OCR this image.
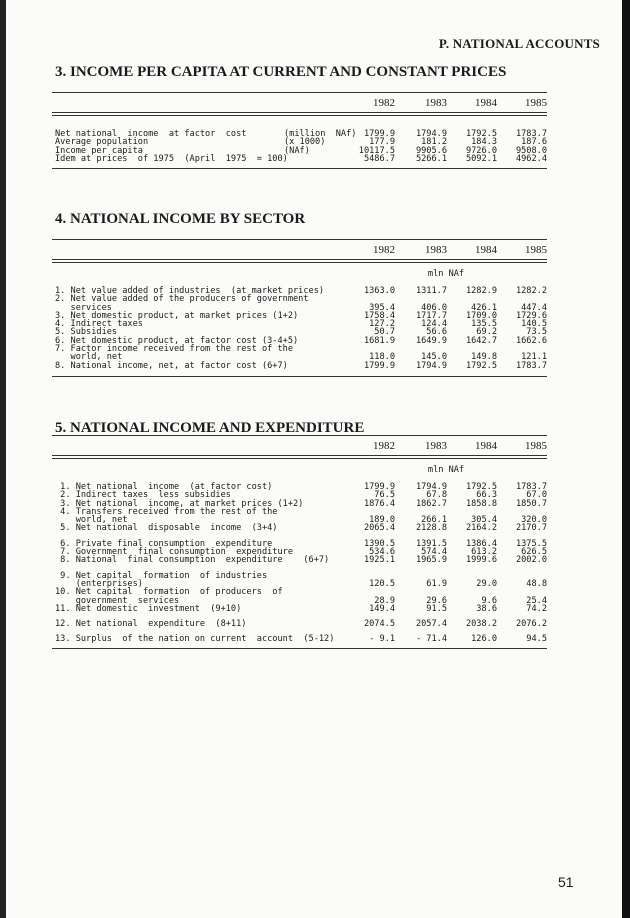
P. NATIONAL ACCOUNTS
3. INCOME PER CAPITA AT CURRENT AND CONSTANT PRICES
1982	1983	1984	1985
Net national  income  at factor  cost	(million  NAf) 1799.9	1794.9	1792.5	1783.7
Average population	(x 1000)	177.9	181.2	184.3	187.6
Income per capita	(NAf)	10117.5	9905.6	9726.0	9508.0
Idem at prices  of 1975  (April  1975  = 100)	5486.7	5266.1	5092.1	4962.4
4. NATIONAL INCOME BY SECTOR
1982	1983	1984	1985
mln NAf
1. Net value added of industries  (at market prices)	1363.0	1311.7	1282.9	1282.2
2. Net value added of the producers of government
services	395.4	406.0	426.1	447.4
3. Net domestic product, at market prices (1+2)	1758.4	1717.7	1709.0	1729.6
4. Indirect taxes	127.2	124.4	135.5	140.5
5. Subsidies	50.7	56.6	69.2	73.5
6. Net domestic product, at factor cost (3-4+5)	1681.9	1649.9	1642.7	1662.6
7. Factor income received from the rest of the
world, net	118.0	145.0	149.8	121.1
8. National income, net, at factor cost (6+7)	1799.9	1794.9	1792.5	1783.7
5. NATIONAL INCOME AND EXPENDITURE
1982	1983	1984	1985
mln NAf
1. Net national  income  (at factor cost)	1799.9	1794.9	1792.5	1783.7
2. Indirect taxes  less subsidies	76.5	67.8	66.3	67.0
3. Net national  income, at market prices (1+2)	1876.4	1862.7	1858.8	1850.7
4. Transfers received from the rest of the
world, net	189.0	266.1	305.4	320.0
5. Net national  disposable  income  (3+4)	2065.4	2128.8	2164.2	2170.7
6. Private final consumption  expenditure	1390.5	1391.5	1386.4	1375.5
7. Government  final consumption  expenditure	534.6	574.4	613.2	626.5
8. National  final consumption  expenditure    (6+7)	1925.1	1965.9	1999.6	2002.0
9. Net capital  formation  of industries
(enterprises)	120.5	61.9	29.0	48.8
10. Net capital  formation  of producers  of
government  services	28.9	29.6	9.6	25.4
11. Net domestic  investment  (9+10)	149.4	91.5	38.6	74.2
12. Net national  expenditure  (8+11)	2074.5	2057.4	2038.2	2076.2
13. Surplus  of the nation on current  account  (5-12)	- 9.1	- 71.4	126.0	94.5
51
